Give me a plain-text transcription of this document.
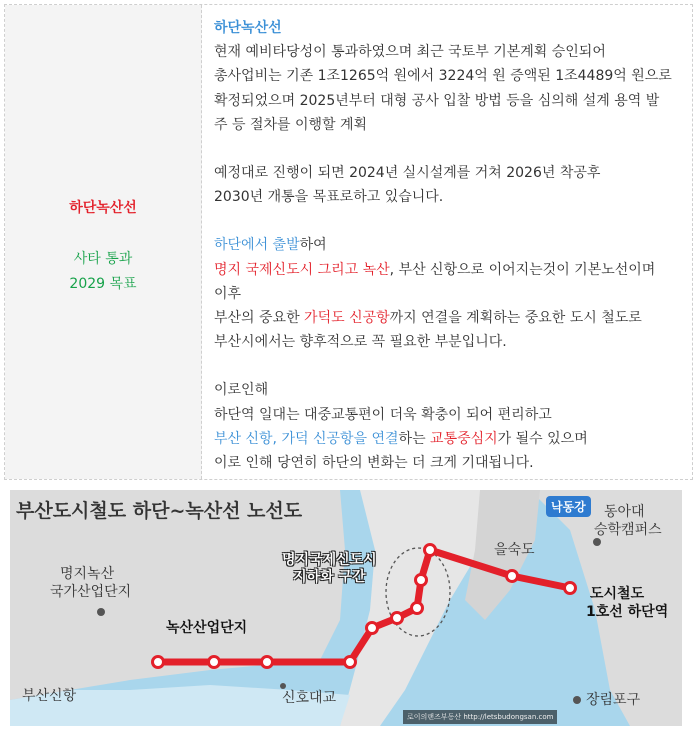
하단녹산선
사타 통과
2029 목표

하단녹산선

현재 예비타당성이 통과하였으며 최근 국토부 기본계획 승인되어

총사업비는 기존 1조1265억 원에서 3224억 원 증액된 1조4489억 원으로

확정되었으며 2025년부터 대형 공사 입찰 방법 등을 심의해 설계 용역 발

주 등 절차를 이행할 계획

예정대로 진행이 되면 2024년 실시설계를 거쳐 2026년 착공후

2030년 개통을 목표로하고 있습니다.

하단에서 출발하여

명지 국제신도시 그리고 녹산, 부산 신항으로 이어지는것이 기본노선이며

이후

부산의 중요한 가덕도 신공항까지 연결을 계획하는 중요한 도시 철도로

부산시에서는 향후적으로 꼭 필요한 부분입니다.

이로인해

하단역 일대는 대중교통편이 더욱 확충이 되어 편리하고

부산 신항, 가덕 신공항을 연결하는 교통중심지가 될수 있으며

이로 인해 당연히 하단의 변화는 더 크게 기대됩니다.

부산도시철도 하단~녹산선 노선도	낙동강
명지녹산
국가산업단지
녹산산업단지
부산신항	신호대교
명지국제신도시
지하화 구간
을숙도
동아대
승학캠퍼스
도시철도
1호선 하단역
장림포구
로이의랜즈부동산 http://letsbudongsan.com
